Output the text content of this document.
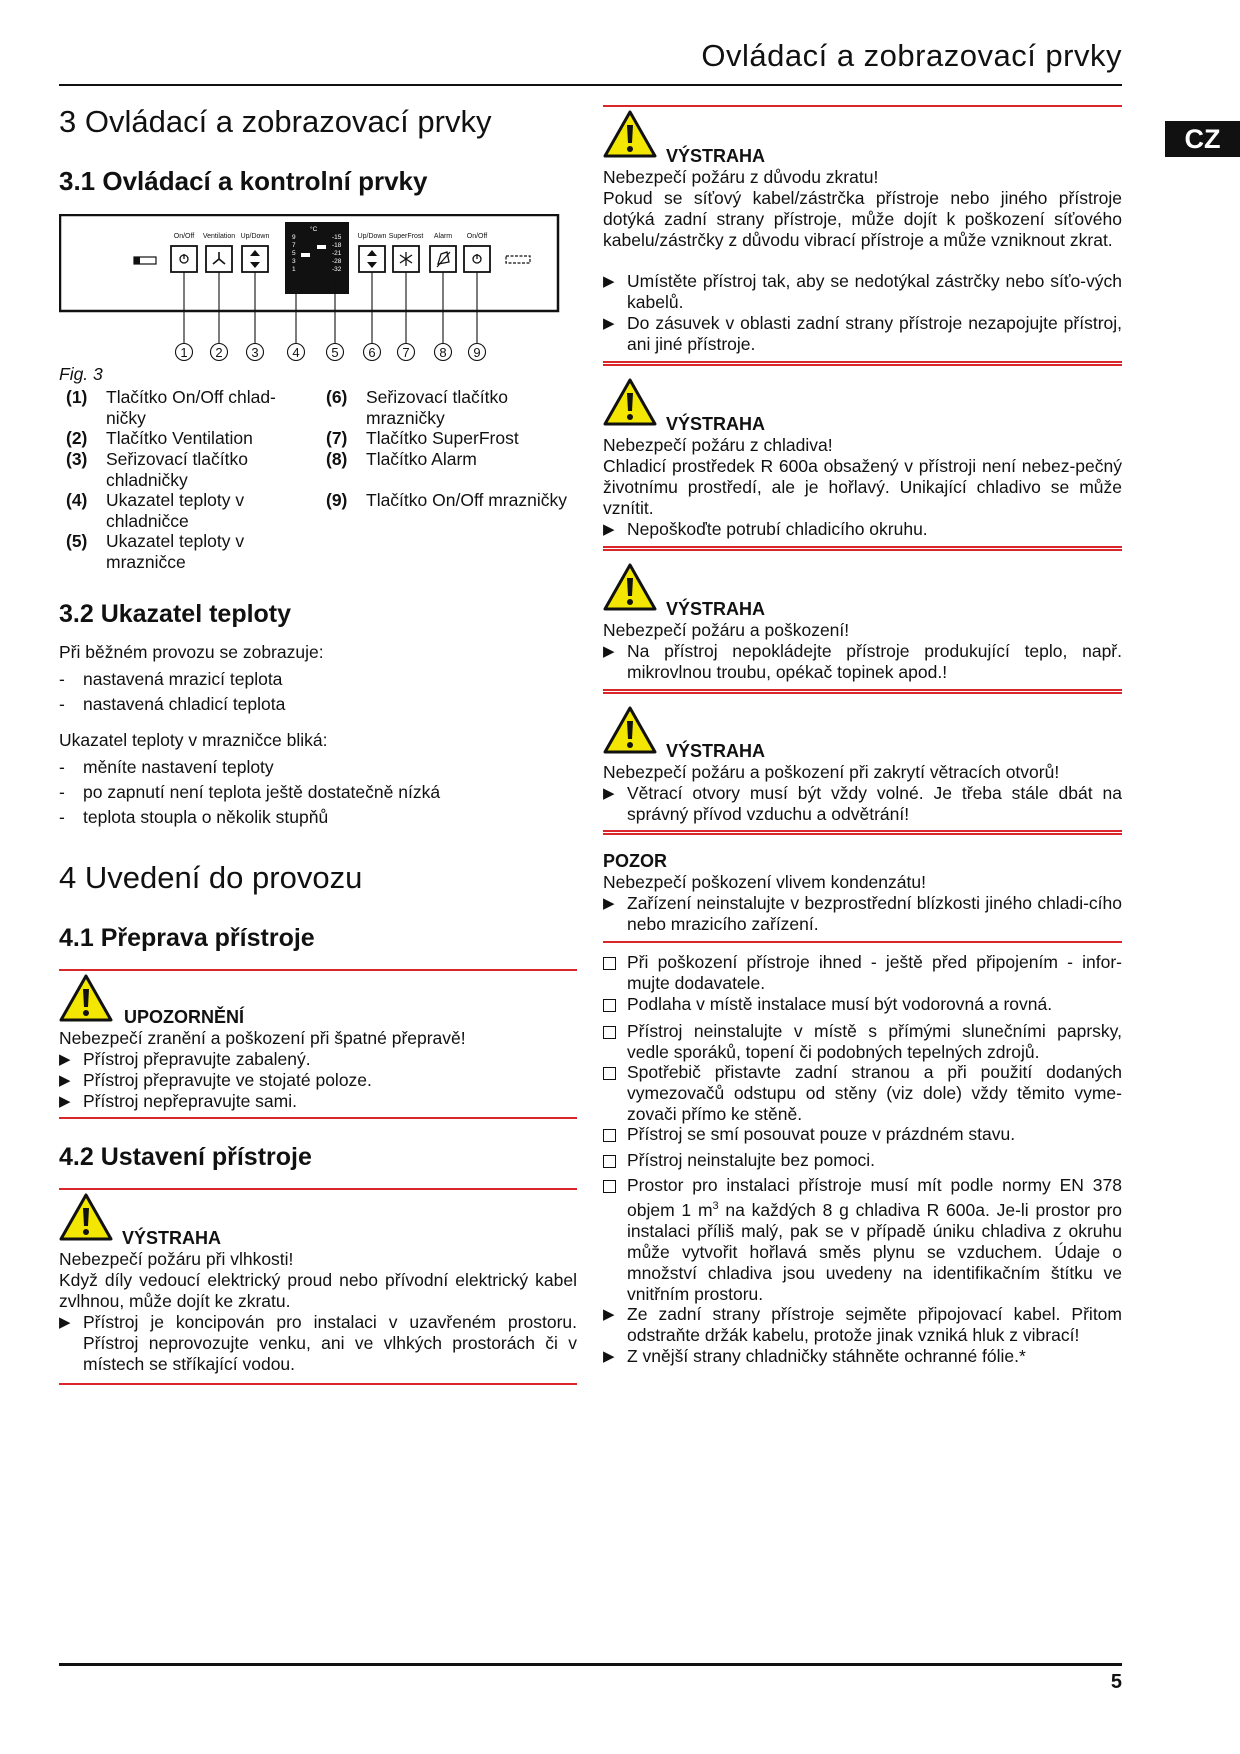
Ovládací a zobrazovací prvky
CZ
3 Ovládací a zobrazovací prvky
3.1 Ovládací a kontrolní prvky
On/Off Ventilation Up/Down	Up/Down SuperFrost Alarm On/Off
°C
9
7
5
3
1
-15
-18
-21
-28
-32
1 2 3	4 5 6 7 8 9
Fig. 3
(1) Tlačítko On/Off chlad-
ničky
(2) Tlačítko Ventilation
(3) Seřizovací tlačítko
chladničky
(4) Ukazatel teploty v
chladničce
(5) Ukazatel teploty v
mrazničce
(6) Seřizovací tlačítko
mrazničky
(7) Tlačítko SuperFrost
(8) Tlačítko Alarm
(9) Tlačítko On/Off mrazničky
3.2 Ukazatel teploty
Při běžném provozu se zobrazuje:
- nastavená mrazicí teplota
- nastavená chladicí teplota
Ukazatel teploty v mrazničce bliká:
- měníte nastavení teploty
- po zapnutí není teplota ještě dostatečně nízká
- teplota stoupla o několik stupňů
4 Uvedení do provozu
4.1 Přeprava přístroje
UPOZORNĚNÍ
Nebezpečí zranění a poškození při špatné přepravě!
▶ Přístroj přepravujte zabalený.
▶ Přístroj přepravujte ve stojaté poloze.
▶ Přístroj nepřepravujte sami.
4.2 Ustavení přístroje
VÝSTRAHA
Nebezpečí požáru při vlhkosti!
Když díly vedoucí elektrický proud nebo přívodní elektrický kabel zvlhnou, může dojít ke zkratu.
▶ Přístroj je koncipován pro instalaci v uzavřeném prostoru. Přístroj neprovozujte venku, ani ve vlhkých prostorách či v místech se stříkající vodou.
VÝSTRAHA
Nebezpečí požáru z důvodu zkratu!
Pokud se síťový kabel/zástrčka přístroje nebo jiného přístroje dotýká zadní strany přístroje, může dojít k poškození síťového kabelu/zástrčky z důvodu vibrací přístroje a může vzniknout zkrat.
▶ Umístěte přístroj tak, aby se nedotýkal zástrčky nebo síťo-vých kabelů.
▶ Do zásuvek v oblasti zadní strany přístroje nezapojujte přístroj, ani jiné přístroje.
VÝSTRAHA
Nebezpečí požáru z chladiva!
Chladicí prostředek R 600a obsažený v přístroji není nebez-pečný životnímu prostředí, ale je hořlavý. Unikající chladivo se může vznítit.
▶ Nepoškoďte potrubí chladicího okruhu.
VÝSTRAHA
Nebezpečí požáru a poškození!
▶ Na přístroj nepokládejte přístroje produkující teplo, např. mikrovlnou troubu, opékač topinek apod.!
VÝSTRAHA
Nebezpečí požáru a poškození při zakrytí větracích otvorů!
▶ Větrací otvory musí být vždy volné. Je třeba stále dbát na správný přívod vzduchu a odvětrání!
POZOR
Nebezpečí poškození vlivem kondenzátu!
▶ Zařízení neinstalujte v bezprostřední blízkosti jiného chladi-cího nebo mrazicího zařízení.
Při poškození přístroje ihned - ještě před připojením - infor-mujte dodavatele.
Podlaha v místě instalace musí být vodorovná a rovná.
Přístroj neinstalujte v místě s přímými slunečními paprsky, vedle sporáků, topení či podobných tepelných zdrojů.
Spotřebič přistavte zadní stranou a při použití dodaných vymezovačů odstupu od stěny (viz dole) vždy těmito vyme-zovači přímo ke stěně.
Přístroj se smí posouvat pouze v prázdném stavu.
Přístroj neinstalujte bez pomoci.
Prostor pro instalaci přístroje musí mít podle normy EN 378 objem 1 $m^3$ na každých 8 g chladiva R 600a. Je-li prostor pro instalaci příliš malý, pak se v případě úniku chladiva z okruhu může vytvořit hořlavá směs plynu se vzduchem. Údaje o množství chladiva jsou uvedeny na identifikačním štítku ve vnitřním prostoru.
▶ Ze zadní strany přístroje sejměte připojovací kabel. Přitom odstraňte držák kabelu, protože jinak vzniká hluk z vibrací!
▶ Z vnější strany chladničky stáhněte ochranné fólie.*
5
